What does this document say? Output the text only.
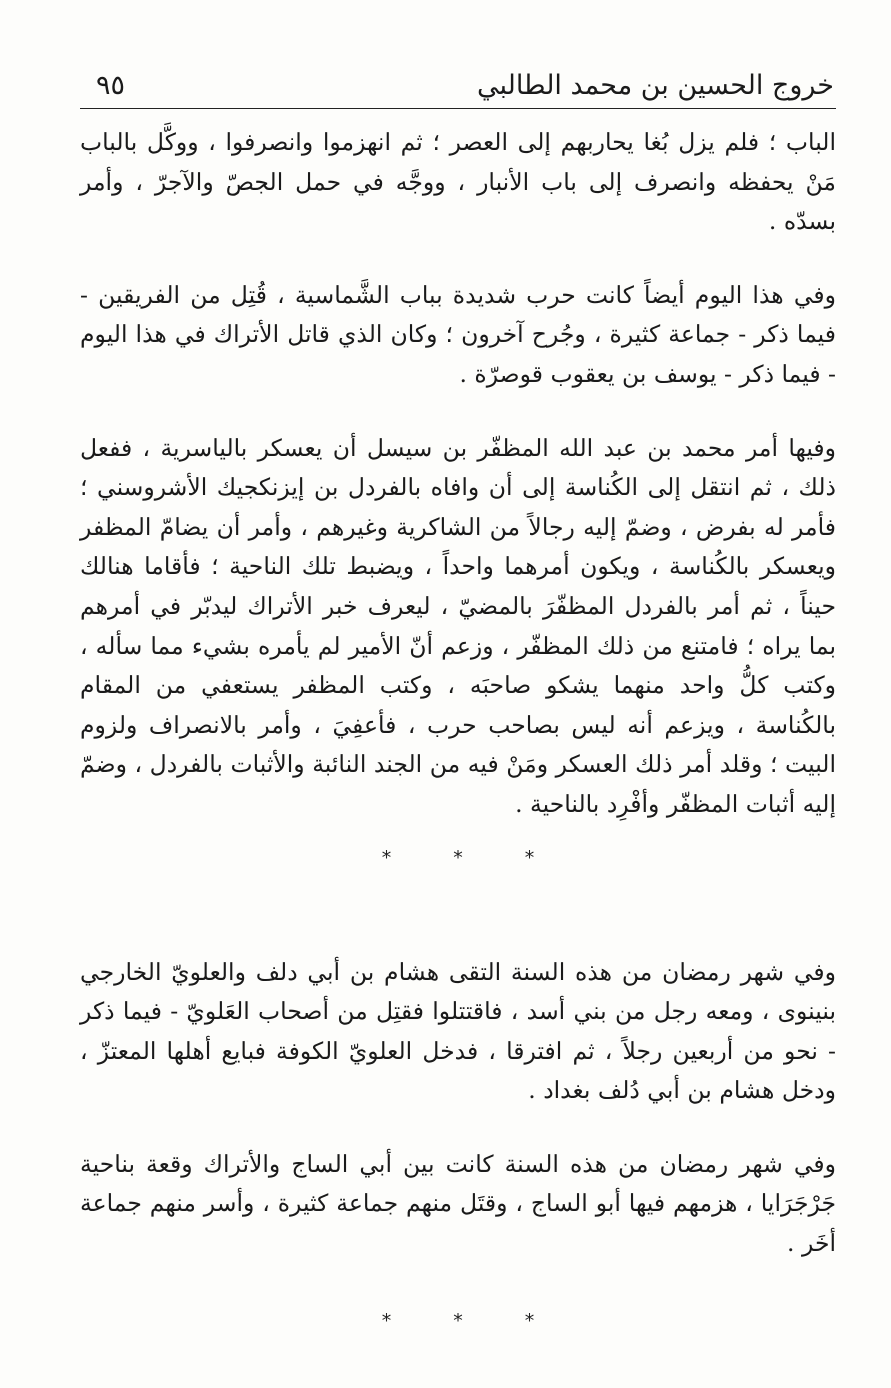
خروج الحسين بن محمد الطالبي
٩٥

الباب ؛ فلم يزل بُغا يحاربهم إلى العصر ؛ ثم انهزموا وانصرفوا ، ووكَّل بالباب مَنْ يحفظه وانصرف إلى باب الأنبار ، ووجَّه في حمل الجصّ والآجرّ ، وأمر بسدّه .

وفي هذا اليوم أيضاً كانت حرب شديدة بباب الشَّماسية ، قُتِل من الفريقين - فيما ذكر - جماعة كثيرة ، وجُرح آخرون ؛ وكان الذي قاتل الأتراك في هذا اليوم - فيما ذكر - يوسف بن يعقوب قوصرّة .

وفيها أمر محمد بن عبد الله المظفّر بن سيسل أن يعسكر بالياسرية ، ففعل ذلك ، ثم انتقل إلى الكُناسة إلى أن وافاه بالفردل بن إيزنكجيك الأشروسني ؛ فأمر له بفرض ، وضمّ إليه رجالاً من الشاكرية وغيرهم ، وأمر أن يضامّ المظفر ويعسكر بالكُناسة ، ويكون أمرهما واحداً ، ويضبط تلك الناحية ؛ فأقاما هنالك حيناً ، ثم أمر بالفردل المظفّرَ بالمضيّ ، ليعرف خبر الأتراك ليدبّر في أمرهم بما يراه ؛ فامتنع من ذلك المظفّر ، وزعم أنّ الأمير لم يأمره بشيء مما سأله ، وكتب كلُّ واحد منهما يشكو صاحبَه ، وكتب المظفر يستعفي من المقام بالكُناسة ، ويزعم أنه ليس بصاحب حرب ، فأعفِيَ ، وأمر بالانصراف ولزوم البيت ؛ وقلد أمر ذلك العسكر ومَنْ فيه من الجند النائبة والأثبات بالفردل ، وضمّ إليه أثبات المظفّر وأفْرِد بالناحية .

* * *

وفي شهر رمضان من هذه السنة التقى هشام بن أبي دلف والعلويّ الخارجي بنينوى ، ومعه رجل من بني أسد ، فاقتتلوا فقتِل من أصحاب العَلويّ - فيما ذكر - نحو من أربعين رجلاً ، ثم افترقا ، فدخل العلويّ الكوفة فبايع أهلها المعتزّ ، ودخل هشام بن أبي دُلف بغداد .

وفي شهر رمضان من هذه السنة كانت بين أبي الساج والأتراك وقعة بناحية جَرْجَرَايا ، هزمهم فيها أبو الساج ، وقتَل منهم جماعة كثيرة ، وأسر منهم جماعة أخَر .

* * *
